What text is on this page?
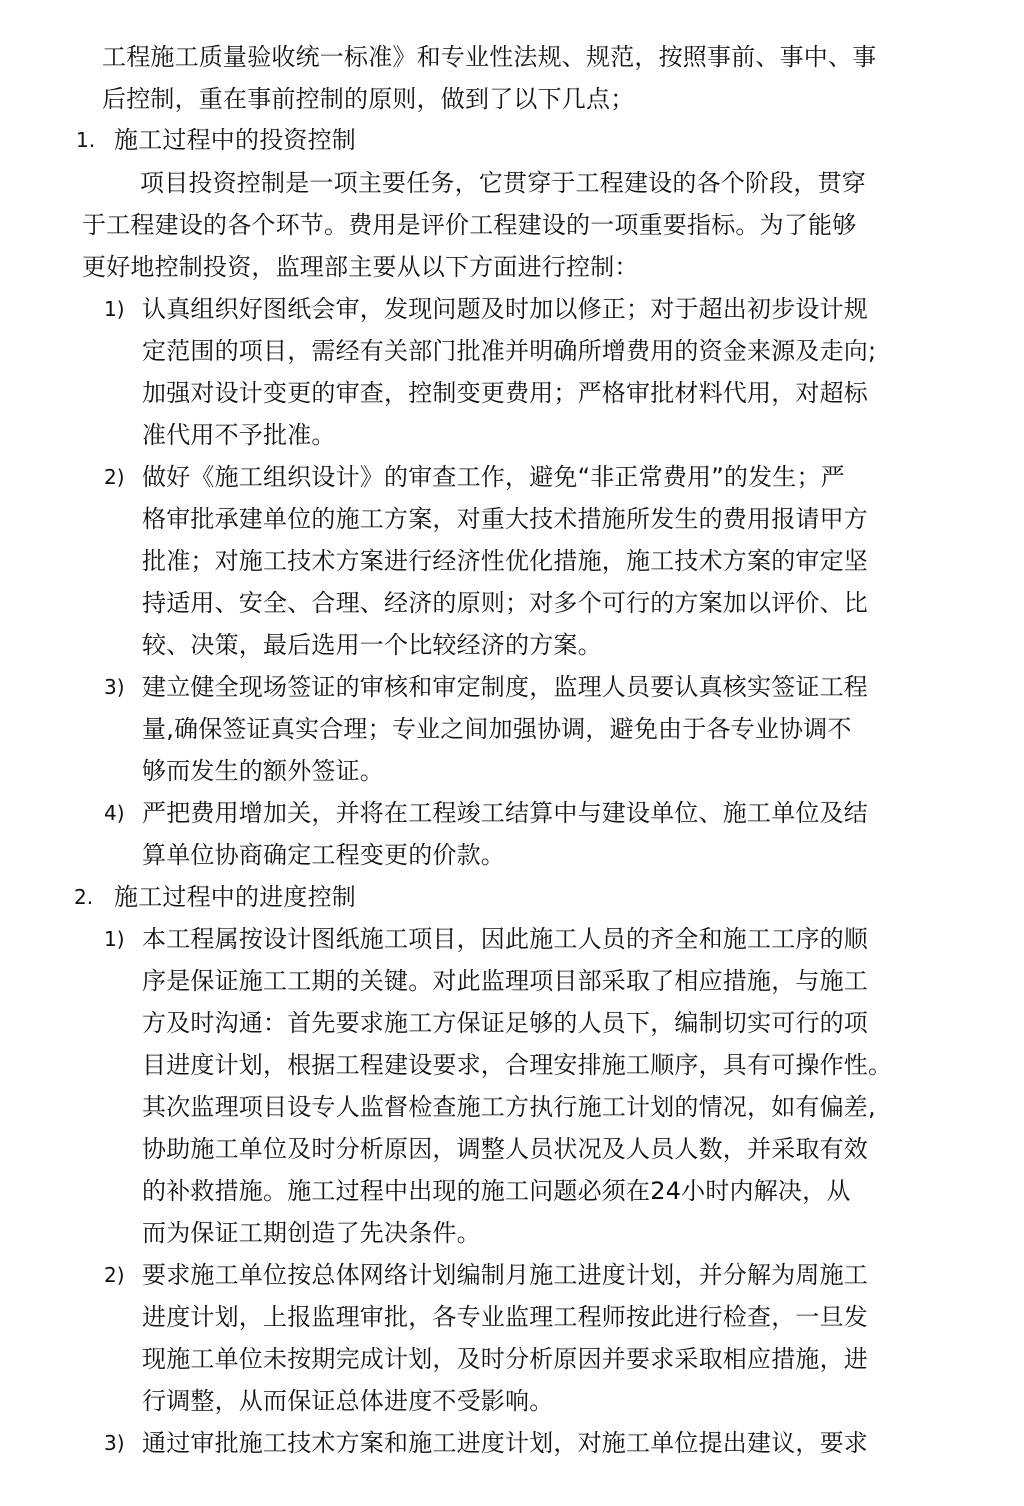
工程施工质量验收统一标准》和专业性法规、规范，按照事前、事中、事
后控制，重在事前控制的原则，做到了以下几点；
1. 施工过程中的投资控制
项目投资控制是一项主要任务，它贯穿于工程建设的各个阶段，贯穿
于工程建设的各个环节。费用是评价工程建设的一项重要指标。为了能够
更好地控制投资，监理部主要从以下方面进行控制：
1) 认真组织好图纸会审，发现问题及时加以修正；对于超出初步设计规
定范围的项目，需经有关部门批准并明确所增费用的资金来源及走向;
加强对设计变更的审查，控制变更费用；严格审批材料代用，对超标
准代用不予批准。
2) 做好《施工组织设计》的审查工作，避免“非正常费用”的发生；严
格审批承建单位的施工方案，对重大技术措施所发生的费用报请甲方
批准；对施工技术方案进行经济性优化措施，施工技术方案的审定坚
持适用、安全、合理、经济的原则；对多个可行的方案加以评价、比
较、决策，最后选用一个比较经济的方案。
3) 建立健全现场签证的审核和审定制度，监理人员要认真核实签证工程
量,确保签证真实合理；专业之间加强协调，避免由于各专业协调不
够而发生的额外签证。
4) 严把费用增加关，并将在工程竣工结算中与建设单位、施工单位及结
算单位协商确定工程变更的价款。
2. 施工过程中的进度控制
1) 本工程属按设计图纸施工项目，因此施工人员的齐全和施工工序的顺
序是保证施工工期的关键。对此监理项目部采取了相应措施，与施工
方及时沟通：首先要求施工方保证足够的人员下，编制切实可行的项
目进度计划，根据工程建设要求，合理安排施工顺序，具有可操作性。
其次监理项目设专人监督检查施工方执行施工计划的情况，如有偏差,
协助施工单位及时分析原因，调整人员状况及人员人数，并采取有效
的补救措施。施工过程中出现的施工问题必须在24小时内解决，从
而为保证工期创造了先决条件。
2) 要求施工单位按总体网络计划编制月施工进度计划，并分解为周施工
进度计划，上报监理审批，各专业监理工程师按此进行检查，一旦发
现施工单位未按期完成计划，及时分析原因并要求采取相应措施，进
行调整，从而保证总体进度不受影响。
3) 通过审批施工技术方案和施工进度计划，对施工单位提出建议，要求
